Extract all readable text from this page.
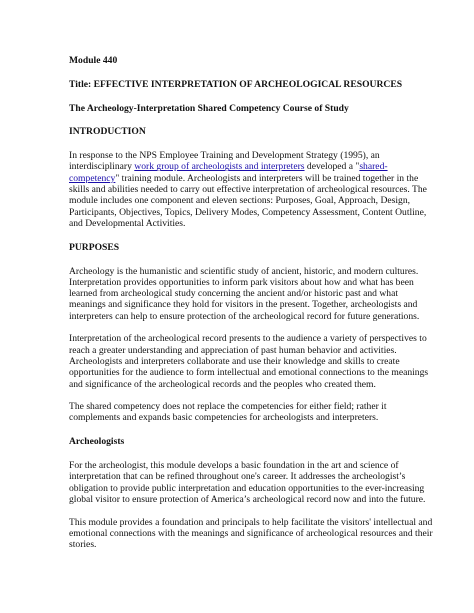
Module 440

Title: EFFECTIVE INTERPRETATION OF ARCHEOLOGICAL RESOURCES

The Archeology-Interpretation Shared Competency Course of Study

INTRODUCTION

In response to the NPS Employee Training and Development Strategy (1995), an interdisciplinary work group of archeologists and interpreters developed a "shared-competency" training module. Archeologists and interpreters will be trained together in the skills and abilities needed to carry out effective interpretation of archeological resources. The module includes one component and eleven sections: Purposes, Goal, Approach, Design, Participants, Objectives, Topics, Delivery Modes, Competency Assessment, Content Outline, and Developmental Activities.

PURPOSES

Archeology is the humanistic and scientific study of ancient, historic, and modern cultures. Interpretation provides opportunities to inform park visitors about how and what has been learned from archeological study concerning the ancient and/or historic past and what meanings and significance they hold for visitors in the present. Together, archeologists and interpreters can help to ensure protection of the archeological record for future generations.

Interpretation of the archeological record presents to the audience a variety of perspectives to reach a greater understanding and appreciation of past human behavior and activities. Archeologists and interpreters collaborate and use their knowledge and skills to create opportunities for the audience to form intellectual and emotional connections to the meanings and significance of the archeological records and the peoples who created them.

The shared competency does not replace the competencies for either field; rather it complements and expands basic competencies for archeologists and interpreters.

Archeologists

For the archeologist, this module develops a basic foundation in the art and science of interpretation that can be refined throughout one's career. It addresses the archeologist’s obligation to provide public interpretation and education opportunities to the ever-increasing global visitor to ensure protection of America’s archeological record now and into the future.

This module provides a foundation and principals to help facilitate the visitors' intellectual and emotional connections with the meanings and significance of archeological resources and their stories.
